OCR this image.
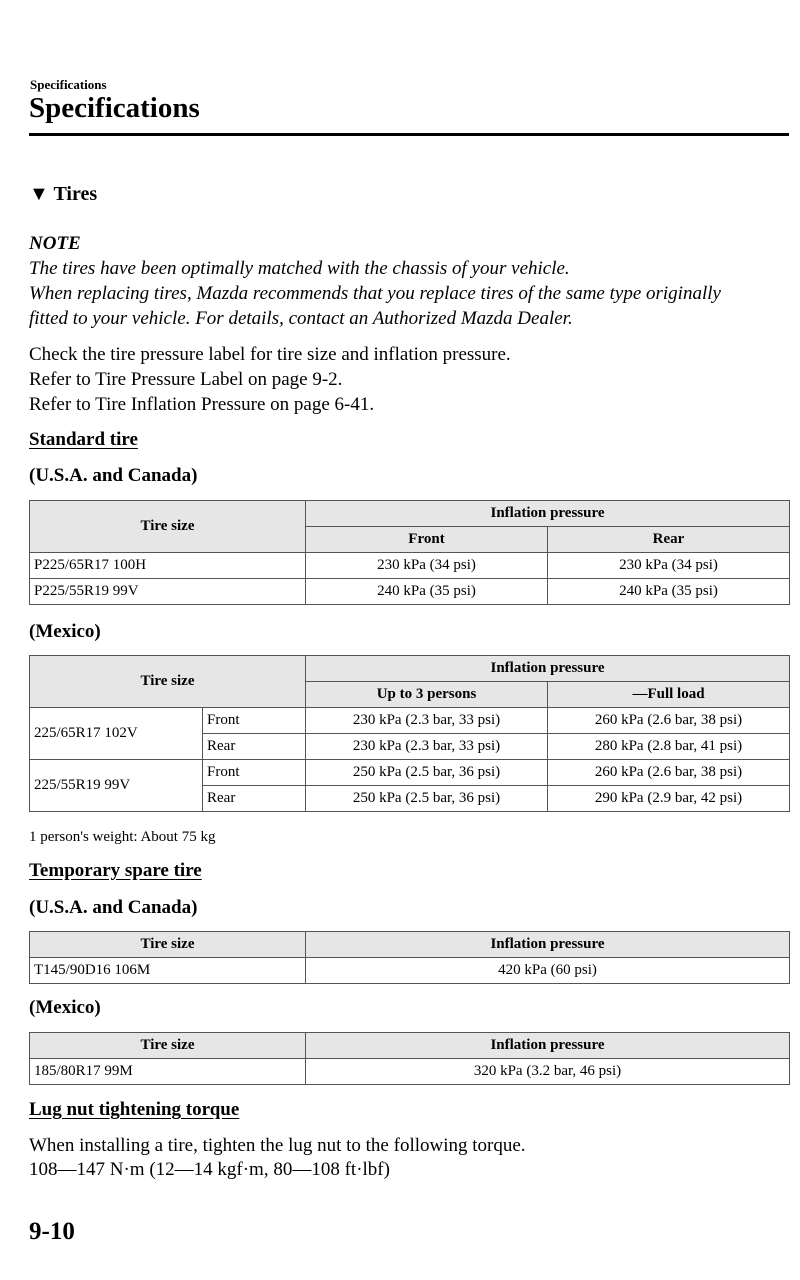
Specifications
Specifications
▼ Tires
NOTE
The tires have been optimally matched with the chassis of your vehicle.
When replacing tires, Mazda recommends that you replace tires of the same type originally
fitted to your vehicle. For details, contact an Authorized Mazda Dealer.
Check the tire pressure label for tire size and inflation pressure.
Refer to Tire Pressure Label on page 9-2.
Refer to Tire Inflation Pressure on page 6-41.
Standard tire
(U.S.A. and Canada)
Tire size	Inflation pressure	
	Front	Rear
P225/65R17 100H	230 kPa (34 psi)	230 kPa (34 psi)
P225/55R19 99V	240 kPa (35 psi)	240 kPa (35 psi)
(Mexico)
Tire size		Inflation pressure	
		Up to 3 persons	—Full load
225/65R17 102V	Front	230 kPa (2.3 bar, 33 psi)	260 kPa (2.6 bar, 38 psi)
	Rear	230 kPa (2.3 bar, 33 psi)	280 kPa (2.8 bar, 41 psi)
225/55R19 99V	Front	250 kPa (2.5 bar, 36 psi)	260 kPa (2.6 bar, 38 psi)
	Rear	250 kPa (2.5 bar, 36 psi)	290 kPa (2.9 bar, 42 psi)
1 person's weight: About 75 kg
Temporary spare tire
(U.S.A. and Canada)
Tire size	Inflation pressure
T145/90D16 106M	420 kPa (60 psi)
(Mexico)
Tire size	Inflation pressure
185/80R17 99M	320 kPa (3.2 bar, 46 psi)
Lug nut tightening torque
When installing a tire, tighten the lug nut to the following torque.
108—147 N·m (12—14 kgf·m, 80—108 ft·lbf)
9-10
